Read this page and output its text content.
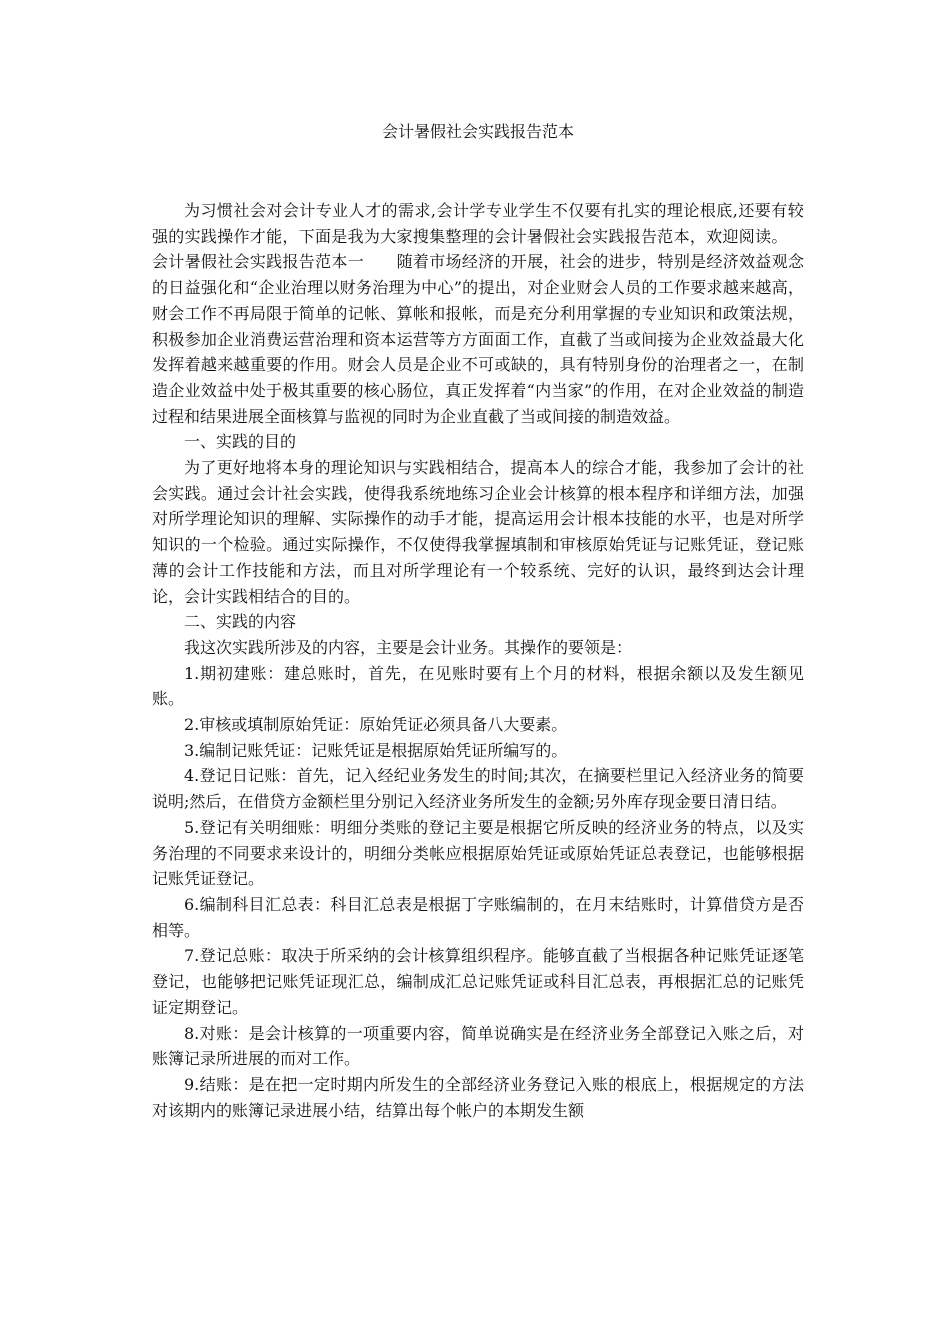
会计暑假社会实践报告范本

为习惯社会对会计专业人才的需求,会计学专业学生不仅要有扎实的理论根底,还要有较强的实践操作才能，下面是我为大家搜集整理的会计暑假社会实践报告范本，欢迎阅读。

会计暑假社会实践报告范本一　　随着市场经济的开展，社会的进步，特别是经济效益观念的日益强化和“企业治理以财务治理为中心”的提出，对企业财会人员的工作要求越来越高，财会工作不再局限于简单的记帐、算帐和报帐，而是充分利用掌握的专业知识和政策法规，积极参加企业消费运营治理和资本运营等方方面面工作，直截了当或间接为企业效益最大化发挥着越来越重要的作用。财会人员是企业不可或缺的，具有特别身份的治理者之一，在制造企业效益中处于极其重要的核心肠位，真正发挥着“内当家”的作用，在对企业效益的制造过程和结果进展全面核算与监视的同时为企业直截了当或间接的制造效益。

一、实践的目的

为了更好地将本身的理论知识与实践相结合，提高本人的综合才能，我参加了会计的社会实践。通过会计社会实践，使得我系统地练习企业会计核算的根本程序和详细方法，加强对所学理论知识的理解、实际操作的动手才能，提高运用会计根本技能的水平，也是对所学知识的一个检验。通过实际操作，不仅使得我掌握填制和审核原始凭证与记账凭证，登记账薄的会计工作技能和方法，而且对所学理论有一个较系统、完好的认识，最终到达会计理论，会计实践相结合的目的。

二、实践的内容

我这次实践所涉及的内容，主要是会计业务。其操作的要领是：

1.期初建账：建总账时，首先，在见账时要有上个月的材料，根据余额以及发生额见账。

2.审核或填制原始凭证：原始凭证必须具备八大要素。

3.编制记账凭证：记账凭证是根据原始凭证所编写的。

4.登记日记账：首先，记入经纪业务发生的时间;其次，在摘要栏里记入经济业务的简要说明;然后，在借贷方金额栏里分别记入经济业务所发生的金额;另外库存现金要日清日结。

5.登记有关明细账：明细分类账的登记主要是根据它所反映的经济业务的特点，以及实务治理的不同要求来设计的，明细分类帐应根据原始凭证或原始凭证总表登记，也能够根据记账凭证登记。

6.编制科目汇总表：科目汇总表是根据丁字账编制的，在月末结账时，计算借贷方是否相等。

7.登记总账：取决于所采纳的会计核算组织程序。能够直截了当根据各种记账凭证逐笔登记，也能够把记账凭证现汇总，编制成汇总记账凭证或科目汇总表，再根据汇总的记账凭证定期登记。

8.对账：是会计核算的一项重要内容，简单说确实是在经济业务全部登记入账之后，对账簿记录所进展的而对工作。

9.结账：是在把一定时期内所发生的全部经济业务登记入账的根底上，根据规定的方法对该期内的账簿记录进展小结，结算出每个帐户的本期发生额
